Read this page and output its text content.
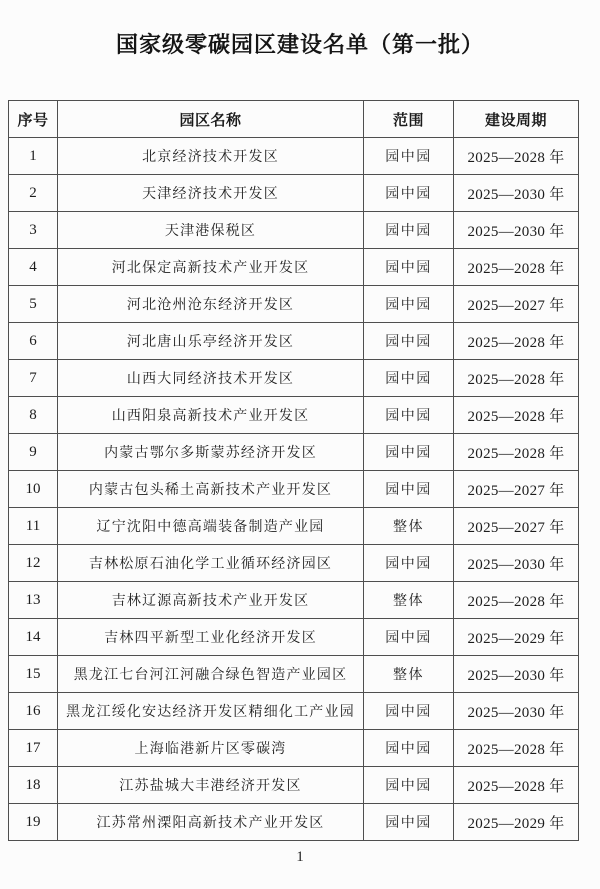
国家级零碳园区建设名单（第一批）
序号	园区名称	范围	建设周期
1	北京经济技术开发区	园中园	2025—2028 年
2	天津经济技术开发区	园中园	2025—2030 年
3	天津港保税区	园中园	2025—2030 年
4	河北保定高新技术产业开发区	园中园	2025—2028 年
5	河北沧州沧东经济开发区	园中园	2025—2027 年
6	河北唐山乐亭经济开发区	园中园	2025—2028 年
7	山西大同经济技术开发区	园中园	2025—2028 年
8	山西阳泉高新技术产业开发区	园中园	2025—2028 年
9	内蒙古鄂尔多斯蒙苏经济开发区	园中园	2025—2028 年
10	内蒙古包头稀土高新技术产业开发区	园中园	2025—2027 年
11	辽宁沈阳中德高端装备制造产业园	整体	2025—2027 年
12	吉林松原石油化学工业循环经济园区	园中园	2025—2030 年
13	吉林辽源高新技术产业开发区	整体	2025—2028 年
14	吉林四平新型工业化经济开发区	园中园	2025—2029 年
15	黑龙江七台河江河融合绿色智造产业园区	整体	2025—2030 年
16	黑龙江绥化安达经济开发区精细化工产业园	园中园	2025—2030 年
17	上海临港新片区零碳湾	园中园	2025—2028 年
18	江苏盐城大丰港经济开发区	园中园	2025—2028 年
19	江苏常州溧阳高新技术产业开发区	园中园	2025—2029 年
1
